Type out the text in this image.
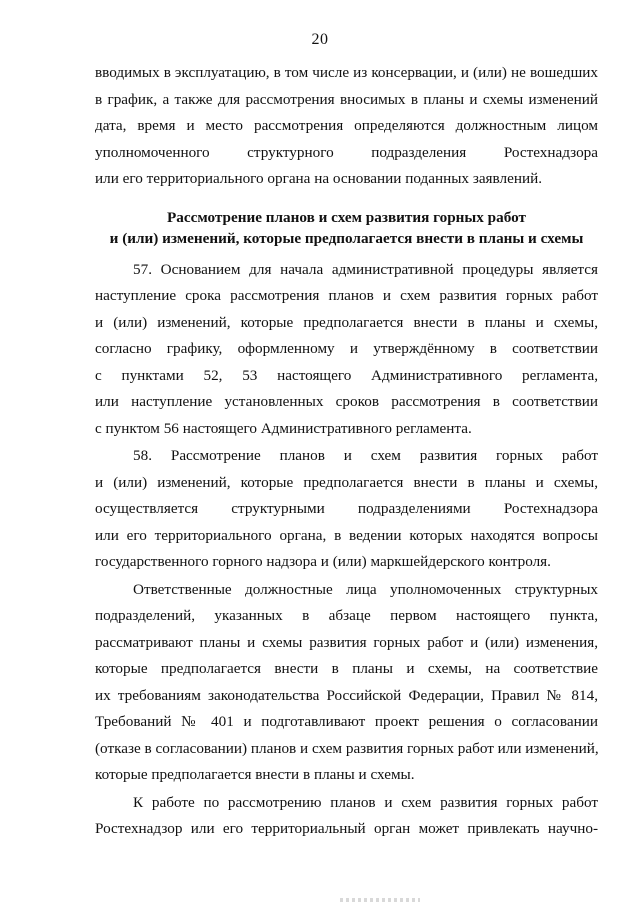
20
вводимых в эксплуатацию, в том числе из консервации, и (или) не вошедших
в график, а также для рассмотрения вносимых в планы и схемы изменений
дата, время и место рассмотрения определяются должностным лицом
уполномоченного структурного подразделения Ростехнадзора
или его территориального органа на основании поданных заявлений.
Рассмотрение планов и схем развития горных работ
и (или) изменений, которые предполагается внести в планы и схемы
57. Основанием для начала административной процедуры является
наступление срока рассмотрения планов и схем развития горных работ
и (или) изменений, которые предполагается внести в планы и схемы,
согласно графику, оформленному и утверждённому в соответствии
с пунктами 52, 53 настоящего Административного регламента,
или наступление установленных сроков рассмотрения в соответствии
с пунктом 56 настоящего Административного регламента.
58. Рассмотрение планов и схем развития горных работ
и (или) изменений, которые предполагается внести в планы и схемы,
осуществляется структурными подразделениями Ростехнадзора
или его территориального органа, в ведении которых находятся вопросы
государственного горного надзора и (или) маркшейдерского контроля.
Ответственные должностные лица уполномоченных структурных
подразделений, указанных в абзаце первом настоящего пункта,
рассматривают планы и схемы развития горных работ и (или) изменения,
которые предполагается внести в планы и схемы, на соответствие
их требованиям законодательства Российской Федерации, Правил № 814,
Требований № 401 и подготавливают проект решения о согласовании
(отказе в согласовании) планов и схем развития горных работ или изменений,
которые предполагается внести в планы и схемы.
К работе по рассмотрению планов и схем развития горных работ
Ростехнадзор или его территориальный орган может привлекать научно-
